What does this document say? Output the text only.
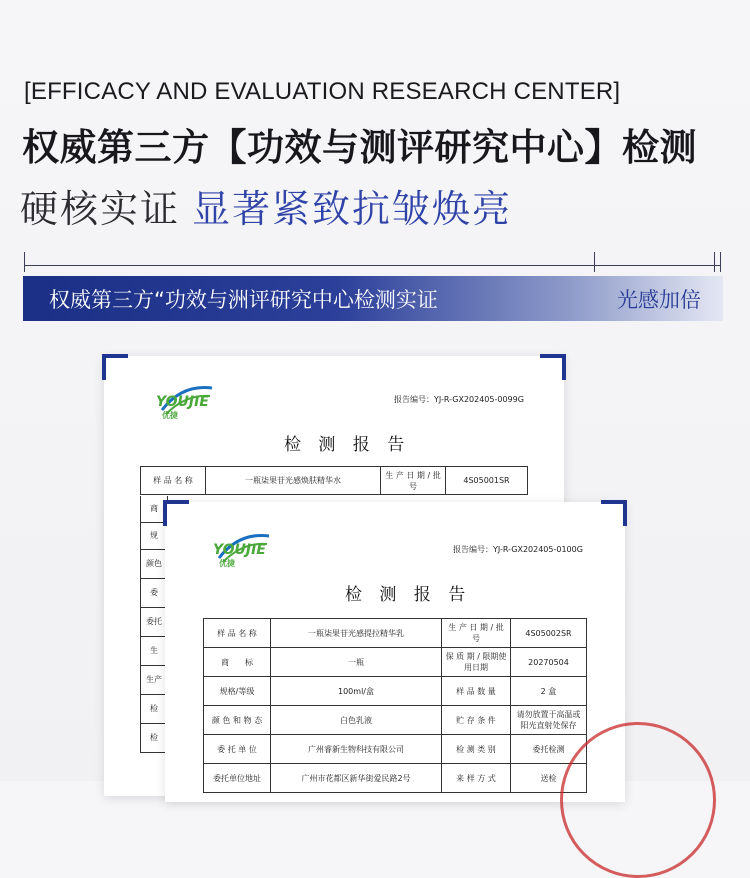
[EFFICACY AND EVALUATION RESEARCH CENTER]
权威第三方【功效与测评研究中心】检测
硬核实证 显著紧致抗皱焕亮
权威第三方“功效与洲评研究中心检测实证	光感加倍
YOUJIE
优捷
报告编号：YJ-R-GX202405-0099G
检 测 报 告
样 品 名 称	一瓶柒果苷光感焕肤精华水	生 产 日 期 / 批 号	4S05001SR
商
规
颜色
委
委托
生
生产
检
检
YOUJIE
优捷
报告编号：YJ-R-GX202405-0100G
检 测 报 告
样 品 名 称	一瓶柒果苷光感提拉精华乳	生 产 日 期 / 批 号	4S05002SR
商　　标	一瓶	保 质 期 / 限期使用日期	20270504
规格/等级	100ml/盒	样 品 数 量	2 盒
颜 色 和 物 态	白色乳液	贮 存 条 件	请勿放置于高温或阳光直射处保存
委 托 单 位	广州睿新生物科技有限公司	检 测 类 别	委托检测
委托单位地址	广州市花都区新华街爱民路2号	来 样 方 式	送检
